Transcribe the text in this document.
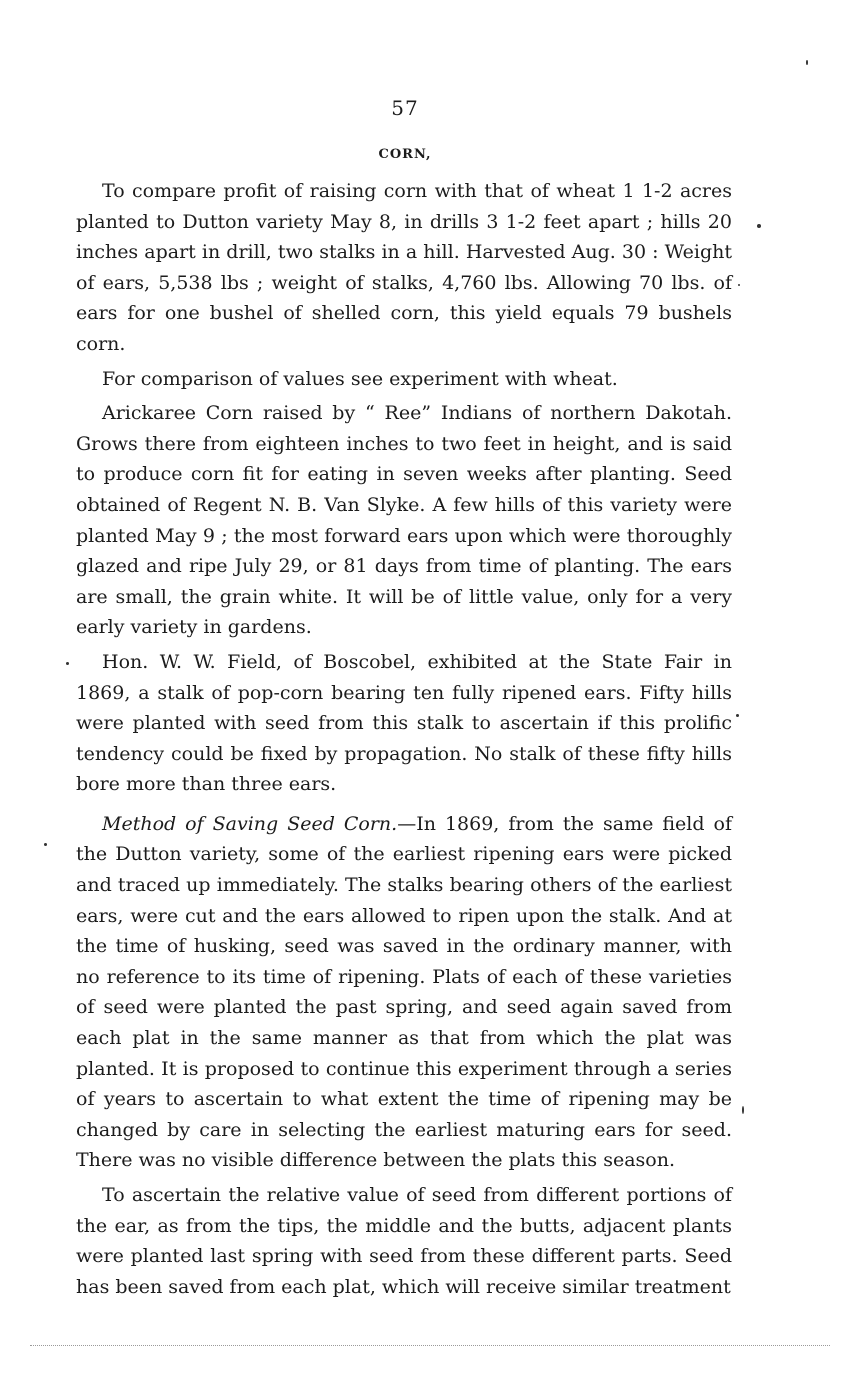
57
CORN,

To compare profit of raising corn with that of wheat 1 1-2 acres planted to Dutton variety May 8, in drills 3 1-2 feet apart ; hills 20 inches apart in drill, two stalks in a hill. Harvested Aug. 30 : Weight of ears, 5,538 lbs ; weight of stalks, 4,760 lbs. Allowing 70 lbs. of ears for one bushel of shelled corn, this yield equals 79 bushels corn.

For comparison of values see experiment with wheat.

Arickaree Corn raised by “ Ree” Indians of northern Dakotah. Grows there from eighteen inches to two feet in height, and is said to produce corn fit for eating in seven weeks after planting. Seed obtained of Regent N. B. Van Slyke. A few hills of this variety were planted May 9 ; the most forward ears upon which were thoroughly glazed and ripe July 29, or 81 days from time of planting. The ears are small, the grain white. It will be of little value, only for a very early variety in gardens.

Hon. W. W. Field, of Boscobel, exhibited at the State Fair in 1869, a stalk of pop-corn bearing ten fully ripened ears. Fifty hills were planted with seed from this stalk to ascertain if this prolific tendency could be fixed by propagation. No stalk of these fifty hills bore more than three ears.

Method of Saving Seed Corn.—In 1869, from the same field of the Dutton variety, some of the earliest ripening ears were picked and traced up immediately. The stalks bearing others of the earliest ears, were cut and the ears allowed to ripen upon the stalk. And at the time of husking, seed was saved in the ordinary manner, with no reference to its time of ripening. Plats of each of these varieties of seed were planted the past spring, and seed again saved from each plat in the same manner as that from which the plat was planted. It is proposed to continue this experiment through a series of years to ascertain to what extent the time of ripening may be changed by care in selecting the earliest maturing ears for seed. There was no visible difference between the plats this season.

To ascertain the relative value of seed from different portions of the ear, as from the tips, the middle and the butts, adjacent plants were planted last spring with seed from these different parts. Seed has been saved from each plat, which will receive similar treatment
